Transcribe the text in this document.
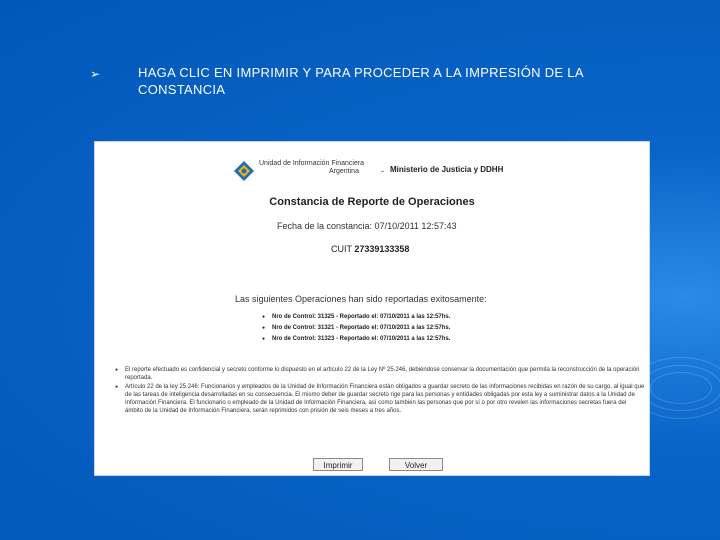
➢	HAGA CLIC EN IMPRIMIR Y PARA PROCEDER A LA IMPRESIÓN DE LA CONSTANCIA
Unidad de Información Financiera
Argentina	- Ministerio de Justicia y DDHH
Constancia de Reporte de Operaciones
Fecha de la constancia: 07/10/2011 12:57:43
CUIT 27339133358
Las siguientes Operaciones han sido reportadas exitosamente:
● Nro de Control: 31325 - Reportado el: 07/10/2011 a las 12:57hs.
● Nro de Control: 31321 - Reportado el: 07/10/2011 a las 12:57hs.
● Nro de Control: 31323 - Reportado el: 07/10/2011 a las 12:57hs.
● El reporte efectuado es confidencial y secreto conforme lo dispuesto en el artículo 22 de la Ley Nº 25.246, debiéndose conservar la documentación que permita la reconstrucción de la operación reportada.
● Artículo 22 de la ley 25.246: Funcionarios y empleados de la Unidad de Información Financiera están obligados a guardar secreto de las informaciones recibidas en razón de su cargo, al igual que de las tareas de inteligencia desarrolladas en su consecuencia. El mismo deber de guardar secreto rige para las personas y entidades obligadas por esta ley a suministrar datos a la Unidad de Información Financiera. El funcionario o empleado de la Unidad de Información Financiera, así como también las personas que por sí o por otro revelen las informaciones secretas fuera del ámbito de la Unidad de Información Financiera, serán reprimidos con prisión de seis meses a tres años.
Imprimir	Volver
